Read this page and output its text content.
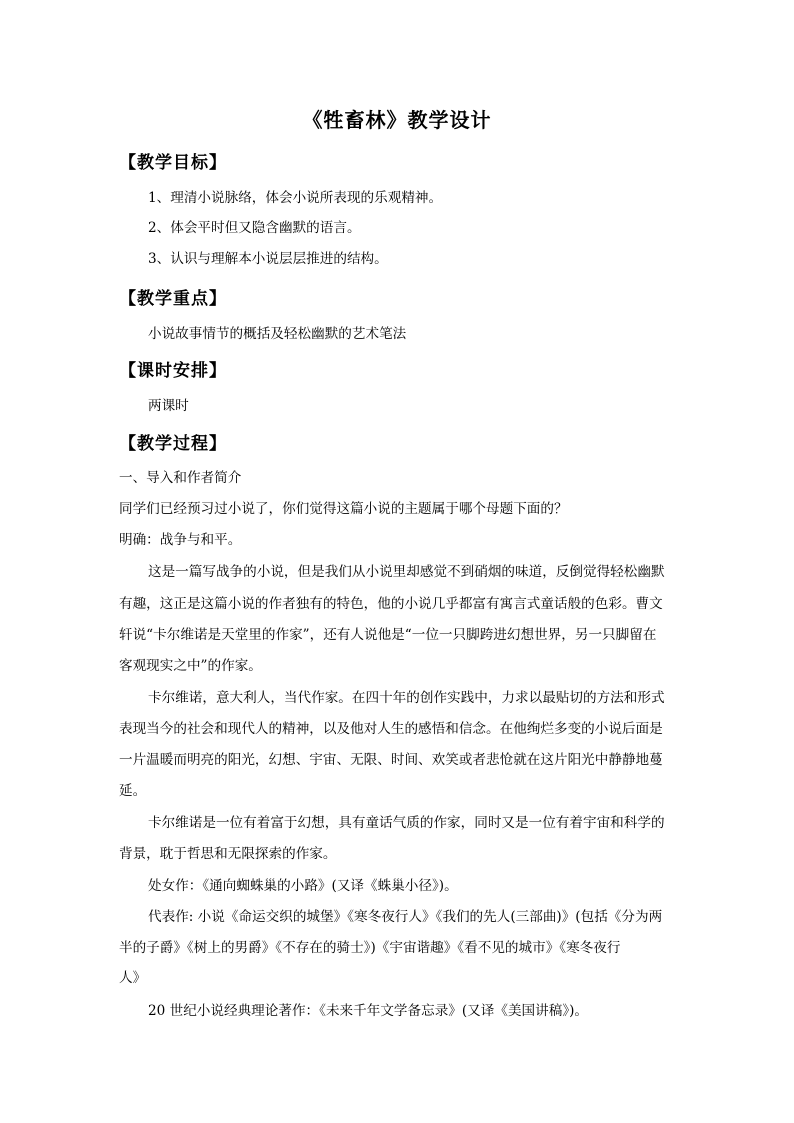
《牲畜林》教学设计
【教学目标】
1、理清小说脉络，体会小说所表现的乐观精神。
2、体会平时但又隐含幽默的语言。
3、认识与理解本小说层层推进的结构。
【教学重点】
小说故事情节的概括及轻松幽默的艺术笔法
【课时安排】
两课时
【教学过程】
一、导入和作者简介
同学们已经预习过小说了，你们觉得这篇小说的主题属于哪个母题下面的？
明确：战争与和平。
这是一篇写战争的小说，但是我们从小说里却感觉不到硝烟的味道，反倒觉得轻松幽默
有趣，这正是这篇小说的作者独有的特色，他的小说几乎都富有寓言式童话般的色彩。曹文
轩说“卡尔维诺是天堂里的作家”，还有人说他是“一位一只脚跨进幻想世界，另一只脚留在
客观现实之中”的作家。
卡尔维诺，意大利人，当代作家。在四十年的创作实践中，力求以最贴切的方法和形式
表现当今的社会和现代人的精神，以及他对人生的感悟和信念。在他绚烂多变的小说后面是
一片温暖而明亮的阳光，幻想、宇宙、无限、时间、欢笑或者悲怆就在这片阳光中静静地蔓
延。
卡尔维诺是一位有着富于幻想，具有童话气质的作家，同时又是一位有着宇宙和科学的
背景，耽于哲思和无限探索的作家。
处女作：《通向蜘蛛巢的小路》(又译《蛛巢小径》)。
代表作: 小说《命运交织的城堡》《寒冬夜行人》《我们的先人(三部曲)》(包括《分为两
半的子爵》《树上的男爵》《不存在的骑士》)《宇宙谐趣》《看不见的城市》《寒冬夜行
人》
20 世纪小说经典理论著作：《未来千年文学备忘录》(又译《美国讲稿》)。
